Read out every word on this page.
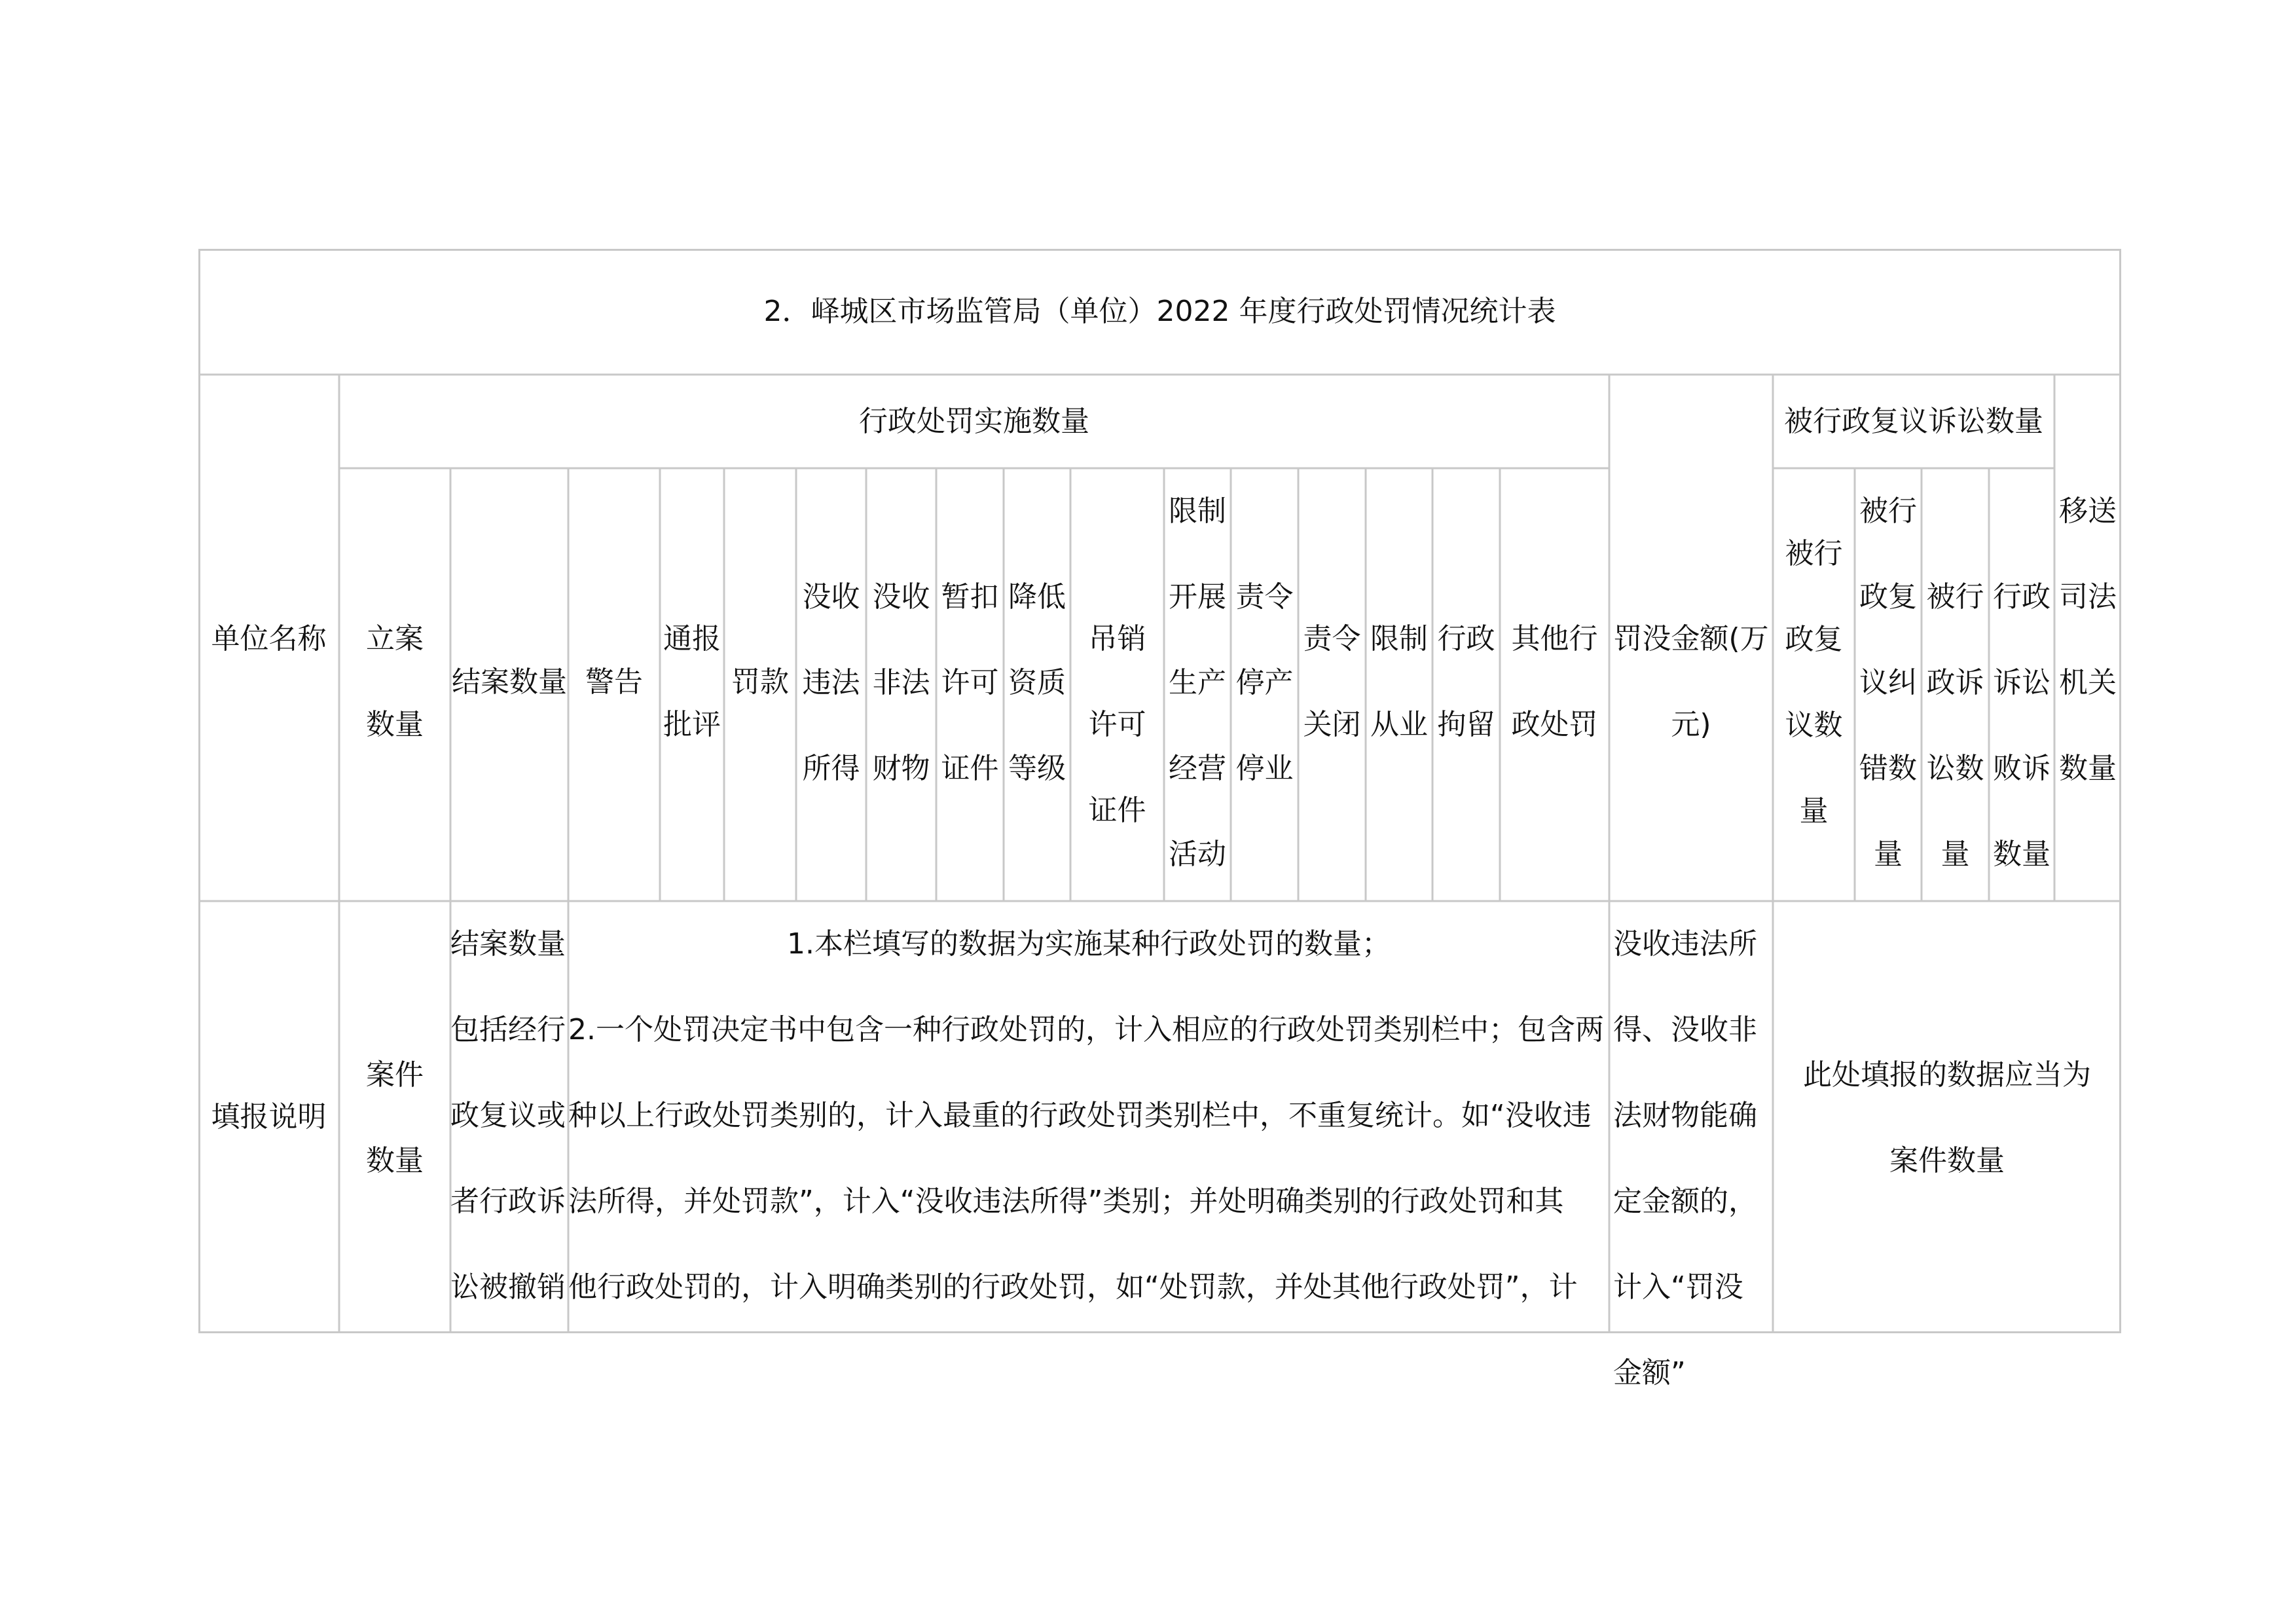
2．峄城区市场监管局（单位）2022 年度行政处罚情况统计表
单位名称
行政处罚实施数量	被行政复议诉讼数量
罚没金额(万元)
立案数量
结案数量 警告
通报批评
罚款
没收违法所得
没收非法财物
暂扣许可证件
降低资质等级
吊销许可证件
限制开展生产经营活动
责令停产停业
责令关闭
限制从业
行政拘留
其他行政处罚
被行政复议数量
被行政复议纠错数量
被行政诉讼数量
行政诉讼败诉数量
移送司法机关数量
填报说明
案件数量
结案数量包括经行政复议或者行政诉讼被撤销
1.本栏填写的数据为实施某种行政处罚的数量；
2.一个处罚决定书中包含一种行政处罚的，计入相应的行政处罚类别栏中；包含两
种以上行政处罚类别的，计入最重的行政处罚类别栏中，不重复统计。如“没收违
法所得，并处罚款”，计入“没收违法所得”类别；并处明确类别的行政处罚和其
他行政处罚的，计入明确类别的行政处罚，如“处罚款，并处其他行政处罚”，计
没收违法所得、没收非法财物能确定金额的，计入“罚没金额”
此处填报的数据应当为案件数量
